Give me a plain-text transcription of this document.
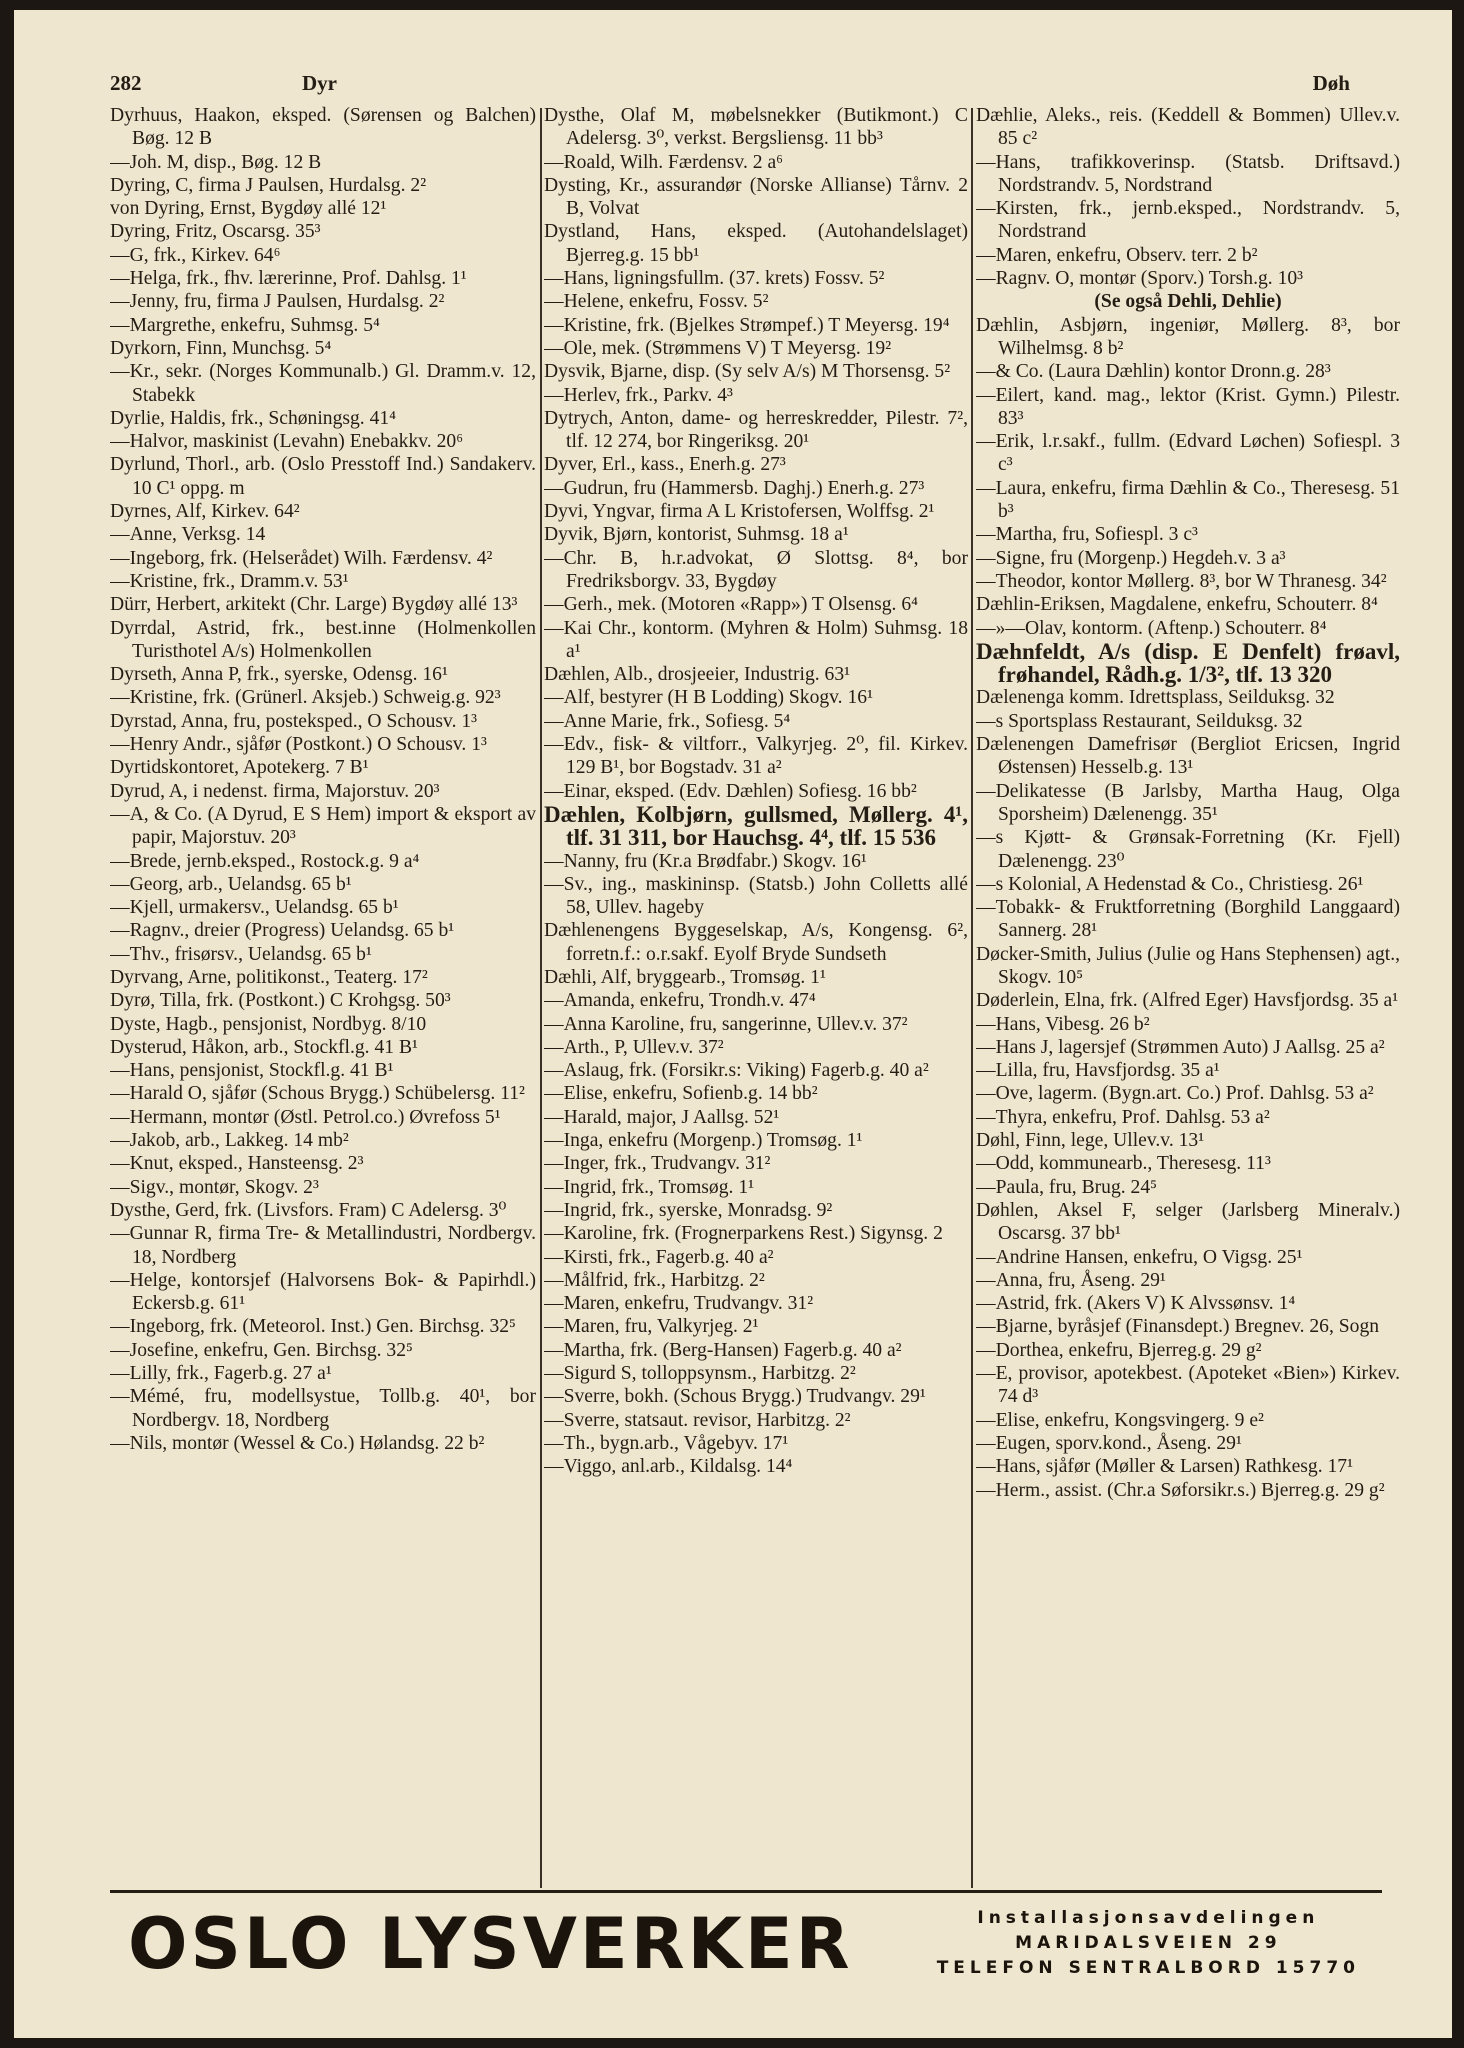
282	Dyr	Døh

Dyrhuus, Haakon, eksped. (Sørensen og Balchen) Bøg. 12 B

—Joh. M, disp., Bøg. 12 B

Dyring, C, firma J Paulsen, Hurdalsg. 2²

von Dyring, Ernst, Bygdøy allé 12¹

Dyring, Fritz, Oscarsg. 35³

—G, frk., Kirkev. 64⁶

—Helga, frk., fhv. lærerinne, Prof. Dahlsg. 1¹

—Jenny, fru, firma J Paulsen, Hurdalsg. 2²

—Margrethe, enkefru, Suhmsg. 5⁴

Dyrkorn, Finn, Munchsg. 5⁴

—Kr., sekr. (Norges Kommunalb.) Gl. Dramm.v. 12, Stabekk

Dyrlie, Haldis, frk., Schøningsg. 41⁴

—Halvor, maskinist (Levahn) Enebakkv. 20⁶

Dyrlund, Thorl., arb. (Oslo Presstoff Ind.) Sandakerv. 10 C¹ oppg. m

Dyrnes, Alf, Kirkev. 64²

—Anne, Verksg. 14

—Ingeborg, frk. (Helserådet) Wilh. Færdensv. 4²

—Kristine, frk., Dramm.v. 53¹

Dürr, Herbert, arkitekt (Chr. Large) Bygdøy allé 13³

Dyrrdal, Astrid, frk., best.inne (Holmenkollen Turisthotel A/s) Holmenkollen

Dyrseth, Anna P, frk., syerske, Odensg. 16¹

—Kristine, frk. (Grünerl. Aksjeb.) Schweig.g. 92³

Dyrstad, Anna, fru, posteksped., O Schousv. 1³

—Henry Andr., sjåfør (Postkont.) O Schousv. 1³

Dyrtidskontoret, Apotekerg. 7 B¹

Dyrud, A, i nedenst. firma, Majorstuv. 20³

—A, & Co. (A Dyrud, E S Hem) import & eksport av papir, Majorstuv. 20³

—Brede, jernb.eksped., Rostock.g. 9 a⁴

—Georg, arb., Uelandsg. 65 b¹

—Kjell, urmakersv., Uelandsg. 65 b¹

—Ragnv., dreier (Progress) Uelandsg. 65 b¹

—Thv., frisørsv., Uelandsg. 65 b¹

Dyrvang, Arne, politikonst., Teaterg. 17²

Dyrø, Tilla, frk. (Postkont.) C Krohgsg. 50³

Dyste, Hagb., pensjonist, Nordbyg. 8/10

Dysterud, Håkon, arb., Stockfl.g. 41 B¹

—Hans, pensjonist, Stockfl.g. 41 B¹

—Harald O, sjåfør (Schous Brygg.) Schübelersg. 11²

—Hermann, montør (Østl. Petrol.co.) Øvrefoss 5¹

—Jakob, arb., Lakkeg. 14 mb²

—Knut, eksped., Hansteensg. 2³

—Sigv., montør, Skogv. 2³

Dysthe, Gerd, frk. (Livsfors. Fram) C Adelersg. 3⁰

—Gunnar R, firma Tre- & Metallindustri, Nordbergv. 18, Nordberg

—Helge, kontorsjef (Halvorsens Bok- & Papirhdl.) Eckersb.g. 61¹

—Ingeborg, frk. (Meteorol. Inst.) Gen. Birchsg. 32⁵

—Josefine, enkefru, Gen. Birchsg. 32⁵

—Lilly, frk., Fagerb.g. 27 a¹

—Mémé, fru, modellsystue, Tollb.g. 40¹, bor Nordbergv. 18, Nordberg

—Nils, montør (Wessel & Co.) Hølandsg. 22 b²

Dysthe, Olaf M, møbelsnekker (Butikmont.) C Adelersg. 3⁰, verkst. Bergsliensg. 11 bb³

—Roald, Wilh. Færdensv. 2 a⁶

Dysting, Kr., assurandør (Norske Allianse) Tårnv. 2 B, Volvat

Dystland, Hans, eksped. (Autohandelslaget) Bjerreg.g. 15 bb¹

—Hans, ligningsfullm. (37. krets) Fossv. 5²

—Helene, enkefru, Fossv. 5²

—Kristine, frk. (Bjelkes Strømpef.) T Meyersg. 19⁴

—Ole, mek. (Strømmens V) T Meyersg. 19²

Dysvik, Bjarne, disp. (Sy selv A/s) M Thorsensg. 5²

—Herlev, frk., Parkv. 4³

Dytrych, Anton, dame- og herreskredder, Pilestr. 7², tlf. 12 274, bor Ringeriksg. 20¹

Dyver, Erl., kass., Enerh.g. 27³

—Gudrun, fru (Hammersb. Daghj.) Enerh.g. 27³

Dyvi, Yngvar, firma A L Kristofersen, Wolffsg. 2¹

Dyvik, Bjørn, kontorist, Suhmsg. 18 a¹

—Chr. B, h.r.advokat, Ø Slottsg. 8⁴, bor Fredriksborgv. 33, Bygdøy

—Gerh., mek. (Motoren «Rapp») T Olsensg. 6⁴

—Kai Chr., kontorm. (Myhren & Holm) Suhmsg. 18 a¹

Dæhlen, Alb., drosjeeier, Industrig. 63¹

—Alf, bestyrer (H B Lodding) Skogv. 16¹

—Anne Marie, frk., Sofiesg. 5⁴

—Edv., fisk- & viltforr., Valkyrjeg. 2⁰, fil. Kirkev. 129 B¹, bor Bogstadv. 31 a²

—Einar, eksped. (Edv. Dæhlen) Sofiesg. 16 bb²

Dæhlen, Kolbjørn, gullsmed, Møllerg. 4¹, tlf. 31 311, bor Hauchsg. 4⁴, tlf. 15 536

—Nanny, fru (Kr.a Brødfabr.) Skogv. 16¹

—Sv., ing., maskininsp. (Statsb.) John Colletts allé 58, Ullev. hageby

Dæhlenengens Byggeselskap, A/s, Kongensg. 6², forretn.f.: o.r.sakf. Eyolf Bryde Sundseth

Dæhli, Alf, bryggearb., Tromsøg. 1¹

—Amanda, enkefru, Trondh.v. 47⁴

—Anna Karoline, fru, sangerinne, Ullev.v. 37²

—Arth., P, Ullev.v. 37²

—Aslaug, frk. (Forsikr.s: Viking) Fagerb.g. 40 a²

—Elise, enkefru, Sofienb.g. 14 bb²

—Harald, major, J Aallsg. 52¹

—Inga, enkefru (Morgenp.) Tromsøg. 1¹

—Inger, frk., Trudvangv. 31²

—Ingrid, frk., Tromsøg. 1¹

—Ingrid, frk., syerske, Monradsg. 9²

—Karoline, frk. (Frognerparkens Rest.) Sigynsg. 2

—Kirsti, frk., Fagerb.g. 40 a²

—Målfrid, frk., Harbitzg. 2²

—Maren, enkefru, Trudvangv. 31²

—Maren, fru, Valkyrjeg. 2¹

—Martha, frk. (Berg-Hansen) Fagerb.g. 40 a²

—Sigurd S, tolloppsynsm., Harbitzg. 2²

—Sverre, bokh. (Schous Brygg.) Trudvangv. 29¹

—Sverre, statsaut. revisor, Harbitzg. 2²

—Th., bygn.arb., Vågebyv. 17¹

—Viggo, anl.arb., Kildalsg. 14⁴

Dæhlie, Aleks., reis. (Keddell & Bommen) Ullev.v. 85 c²

—Hans, trafikkoverinsp. (Statsb. Driftsavd.) Nordstrandv. 5, Nordstrand

—Kirsten, frk., jernb.eksped., Nordstrandv. 5, Nordstrand

—Maren, enkefru, Observ. terr. 2 b²

—Ragnv. O, montør (Sporv.) Torsh.g. 10³

(Se også Dehli, Dehlie)

Dæhlin, Asbjørn, ingeniør, Møllerg. 8³, bor Wilhelmsg. 8 b²

—& Co. (Laura Dæhlin) kontor Dronn.g. 28³

—Eilert, kand. mag., lektor (Krist. Gymn.) Pilestr. 83³

—Erik, l.r.sakf., fullm. (Edvard Løchen) Sofiespl. 3 c³

—Laura, enkefru, firma Dæhlin & Co., Theresesg. 51 b³

—Martha, fru, Sofiespl. 3 c³

—Signe, fru (Morgenp.) Hegdeh.v. 3 a³

—Theodor, kontor Møllerg. 8³, bor W Thranesg. 34²

Dæhlin-Eriksen, Magdalene, enkefru, Schouterr. 8⁴

—»—Olav, kontorm. (Aftenp.) Schouterr. 8⁴

Dæhnfeldt, A/s (disp. E Denfelt) frøavl, frøhandel, Rådh.g. 1/3², tlf. 13 320

Dælenenga komm. Idrettsplass, Seilduksg. 32

—s Sportsplass Restaurant, Seilduksg. 32

Dælenengen Damefrisør (Bergliot Ericsen, Ingrid Østensen) Hesselb.g. 13¹

—Delikatesse (B Jarlsby, Martha Haug, Olga Sporsheim) Dælenengg. 35¹

—s Kjøtt- & Grønsak-Forretning (Kr. Fjell) Dælenengg. 23⁰

—s Kolonial, A Hedenstad & Co., Christiesg. 26¹

—Tobakk- & Fruktforretning (Borghild Langgaard) Sannerg. 28¹

Døcker-Smith, Julius (Julie og Hans Stephensen) agt., Skogv. 10⁵

Døderlein, Elna, frk. (Alfred Eger) Havsfjordsg. 35 a¹

—Hans, Vibesg. 26 b²

—Hans J, lagersjef (Strømmen Auto) J Aallsg. 25 a²

—Lilla, fru, Havsfjordsg. 35 a¹

—Ove, lagerm. (Bygn.art. Co.) Prof. Dahlsg. 53 a²

—Thyra, enkefru, Prof. Dahlsg. 53 a²

Døhl, Finn, lege, Ullev.v. 13¹

—Odd, kommunearb., Theresesg. 11³

—Paula, fru, Brug. 24⁵

Døhlen, Aksel F, selger (Jarlsberg Mineralv.) Oscarsg. 37 bb¹

—Andrine Hansen, enkefru, O Vigsg. 25¹

—Anna, fru, Åseng. 29¹

—Astrid, frk. (Akers V) K Alvssønsv. 1⁴

—Bjarne, byråsjef (Finansdept.) Bregnev. 26, Sogn

—Dorthea, enkefru, Bjerreg.g. 29 g²

—E, provisor, apotekbest. (Apoteket «Bien») Kirkev. 74 d³

—Elise, enkefru, Kongsvingerg. 9 e²

—Eugen, sporv.kond., Åseng. 29¹

—Hans, sjåfør (Møller & Larsen) Rathkesg. 17¹

—Herm., assist. (Chr.a Søforsikr.s.) Bjerreg.g. 29 g²

OSLO LYSVERKER	Installasjonsavdelingen
MARIDALSVEIEN 29
TELEFON SENTRALBORD 15770
